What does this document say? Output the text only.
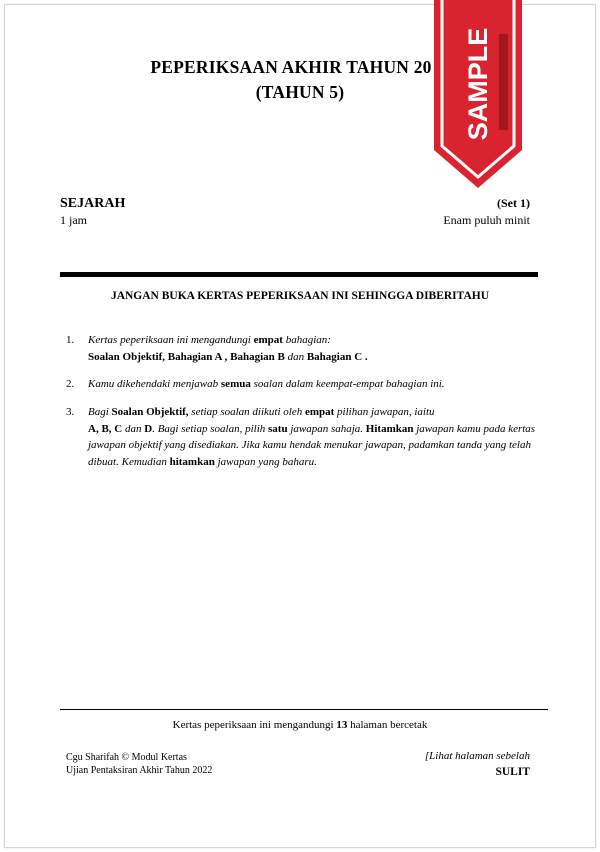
PEPERIKSAAN AKHIR TAHUN 20
(TAHUN 5)
SEJARAH
1 jam
(Set 1)
Enam puluh minit
JANGAN BUKA KERTAS PEPERIKSAAN INI SEHINGGA DIBERITAHU
1. Kertas peperiksaan ini mengandungi empat bahagian:
Soalan Objektif, Bahagian A , Bahagian B dan Bahagian C .
2. Kamu dikehendaki menjawab semua soalan dalam keempat-empat bahagian ini.
3. Bagi Soalan Objektif, setiap soalan diikuti oleh empat pilihan jawapan, iaitu
A, B, C dan D. Bagi setiap soalan, pilih satu jawapan sahaja. Hitamkan jawapan kamu pada kertas jawapan objektif yang disediakan. Jika kamu hendak menukar jawapan, padamkan tanda yang telah dibuat. Kemudian hitamkan jawapan yang baharu.
Kertas peperiksaan ini mengandungi 13 halaman bercetak
Cgu Sharifah © Modul Kertas
Ujian Pentaksiran Akhir Tahun 2022
[Lihat halaman sebelah
SULIT
SAMPLE
